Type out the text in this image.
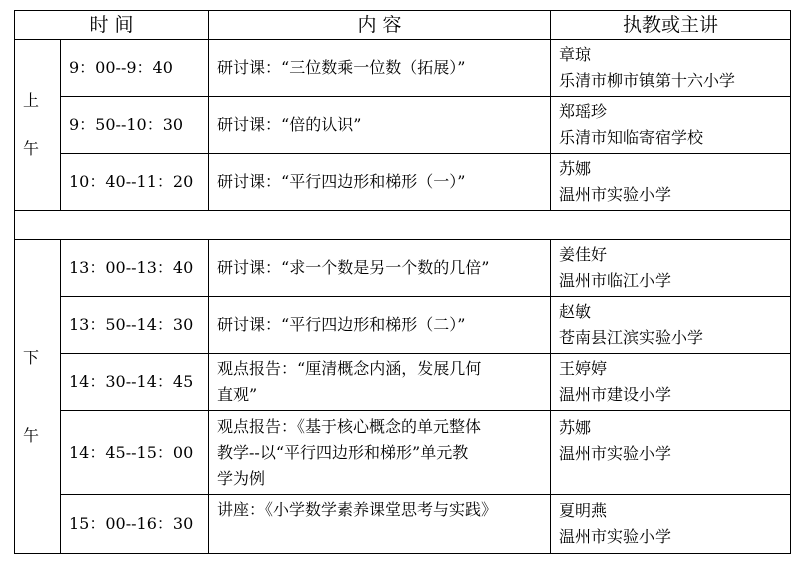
时 间		内 容	执教或主讲

上
午	9：00--9：40	研讨课：“三位数乘一位数（拓展）”	章琼
乐清市柳市镇第十六小学

	9：50--10：30	研讨课：“倍的认识”	郑瑶珍
乐清市知临寄宿学校

	10：40--11：20	研讨课：“平行四边形和梯形（一）”	苏娜
温州市实验小学

下
午	13：00--13：40	研讨课：“求一个数是另一个数的几倍”	姜佳好
温州市临江小学

	13：50--14：30	研讨课：“平行四边形和梯形（二）”	赵敏
苍南县江滨实验小学

	14：30--14：45	观点报告：“厘清概念内涵，发展几何
直观”	王婷婷
温州市建设小学

	14：45--15：00	观点报告：《基于核心概念的单元整体
教学--以“平行四边形和梯形”单元教
学为例	苏娜
温州市实验小学

	15：00--16：30	讲座：《小学数学素养课堂思考与实践》	夏明燕
温州市实验小学
